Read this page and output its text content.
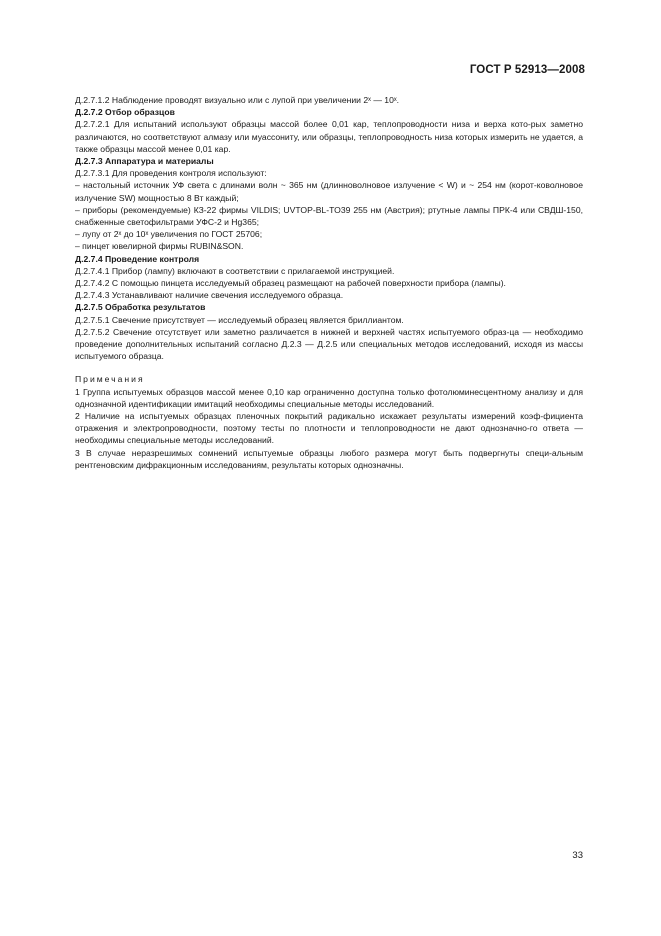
ГОСТ Р 52913—2008

Д.2.7.1.2 Наблюдение проводят визуально или с лупой при увеличении 2ˣ — 10ˣ.

Д.2.7.2 Отбор образцов

Д.2.7.2.1 Для испытаний используют образцы массой более 0,01 кар, теплопроводности низа и верха кото-рых заметно различаются, но соответствуют алмазу или муассониту, или образцы, теплопроводность низа которых измерить не удается, а также образцы массой менее 0,01 кар.

Д.2.7.3 Аппаратура и материалы

Д.2.7.3.1 Для проведения контроля используют:

– настольный источник УФ света с длинами волн ~ 365 нм (длинноволновое излучение < W) и ~ 254 нм (корот-коволновое излучение SW) мощностью 8 Вт каждый;

– приборы (рекомендуемые) КЗ-22 фирмы VILDIS; UVTOP-BL-TO39 255 нм (Австрия); ртутные лампы ПРК-4 или СВДШ-150, снабженные светофильтрами УФС-2 и Hg365;

– лупу от 2ˣ до 10ˣ увеличения по ГОСТ 25706;

– пинцет ювелирной фирмы RUBIN&SON.

Д.2.7.4 Проведение контроля

Д.2.7.4.1 Прибор (лампу) включают в соответствии с прилагаемой инструкцией.

Д.2.7.4.2 С помощью пинцета исследуемый образец размещают на рабочей поверхности прибора (лампы).

Д.2.7.4.3 Устанавливают наличие свечения исследуемого образца.

Д.2.7.5 Обработка результатов

Д.2.7.5.1 Свечение присутствует — исследуемый образец является бриллиантом.

Д.2.7.5.2 Свечение отсутствует или заметно различается в нижней и верхней частях испытуемого образ-ца — необходимо проведение дополнительных испытаний согласно Д.2.3 — Д.2.5 или специальных методов исследований, исходя из массы испытуемого образца.

Примечания

1 Группа испытуемых образцов массой менее 0,10 кар ограниченно доступна только фотолюминесцентному анализу и для однозначной идентификации имитаций необходимы специальные методы исследований.

2 Наличие на испытуемых образцах пленочных покрытий радикально искажает результаты измерений коэф-фициента отражения и электропроводности, поэтому тесты по плотности и теплопроводности не дают однозначно-го ответа — необходимы специальные методы исследований.

3 В случае неразрешимых сомнений испытуемые образцы любого размера могут быть подвергнуты специ-альным рентгеновским дифракционным исследованиям, результаты которых однозначны.

33
